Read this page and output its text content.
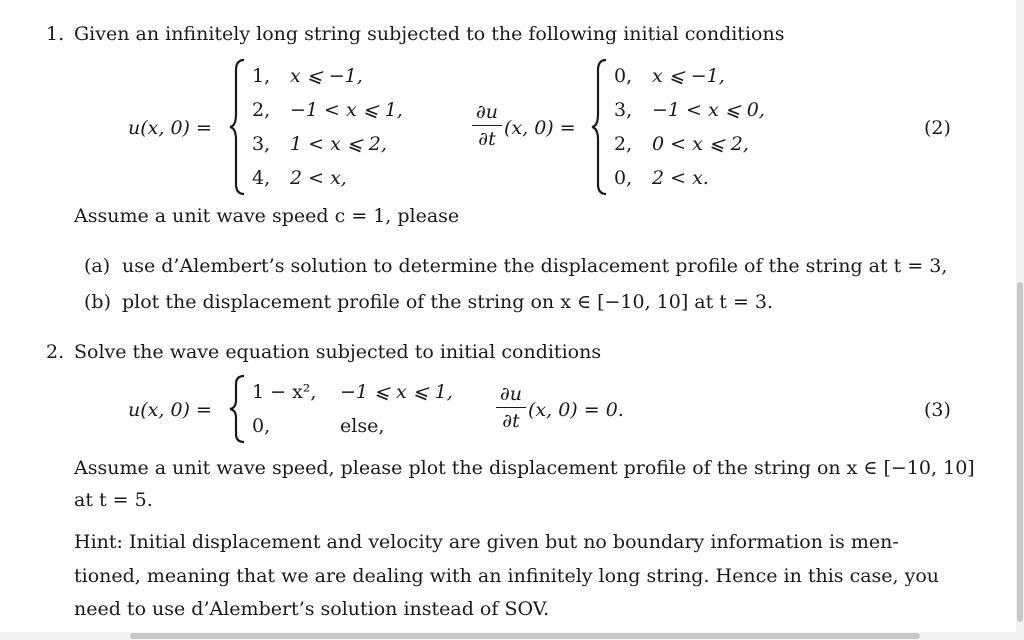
1. Given an infinitely long string subjected to the following initial conditions
u(x, 0) =
1, x ⩽ −1,
2, −1 < x ⩽ 1,
3, 1 < x ⩽ 2,
4, 2 < x,
∂u
∂t (x, 0) =
0, x ⩽ −1,
3, −1 < x ⩽ 0,
2, 0 < x ⩽ 2,
0, 2 < x.
(2)
Assume a unit wave speed c = 1, please
(a) use d’Alembert’s solution to determine the displacement profile of the string at t = 3,
(b) plot the displacement profile of the string on x ∈ [−10, 10] at t = 3.
2. Solve the wave equation subjected to initial conditions
u(x, 0) =
1 − x², −1 ⩽ x ⩽ 1,
0,	else,
∂u
∂t (x, 0) = 0.	(3)
Assume a unit wave speed, please plot the displacement profile of the string on x ∈ [−10, 10]
at t = 5.
Hint: Initial displacement and velocity are given but no boundary information is men-
tioned, meaning that we are dealing with an infinitely long string. Hence in this case, you
need to use d’Alembert’s solution instead of SOV.
